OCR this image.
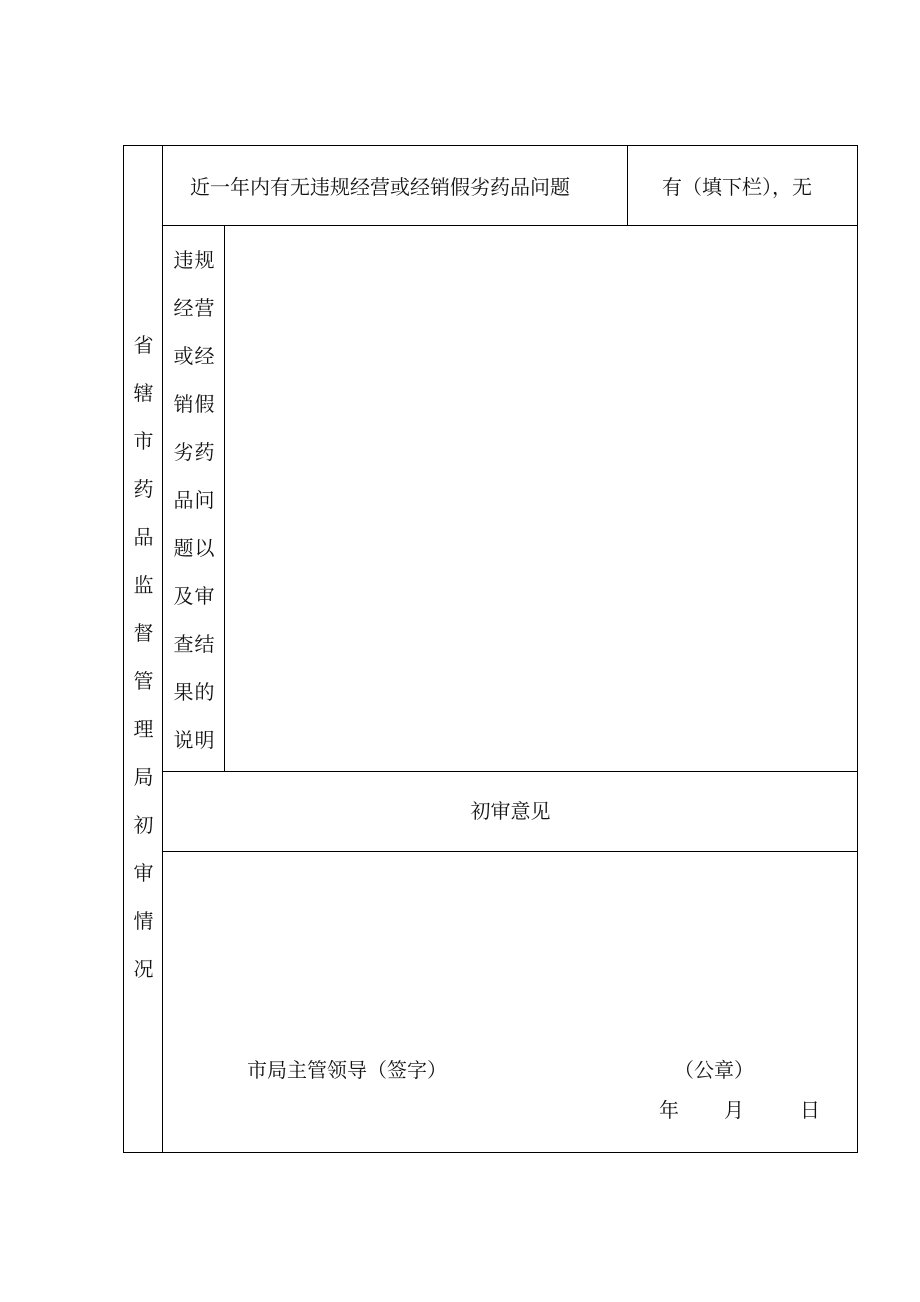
省
辖
市
药
品
监
督
管
理
局
初
审
情
况
近一年内有无违规经营或经销假劣药品问题	有（填下栏），无
违规
经营
或经
销假
劣药
品问
题以
及审
查结
果的
说明
初审意见
市局主管领导（签字）	（公章）
年 月	日
